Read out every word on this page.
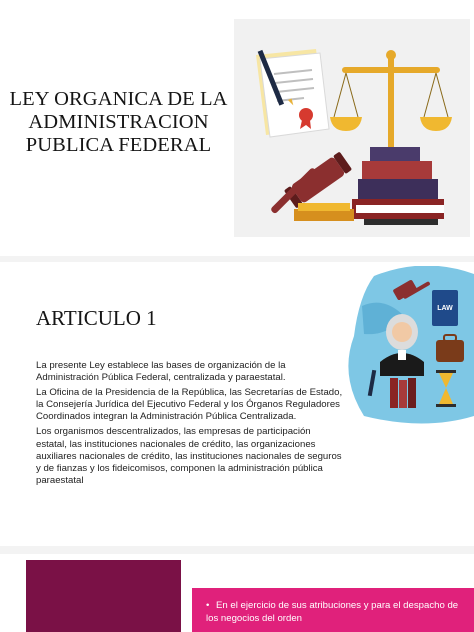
LEY ORGANICA DE LA ADMINISTRACION PUBLICA FEDERAL
ARTICULO 1	LAW

La presente Ley establece las bases de organización de la Administración Pública Federal, centralizada y paraestatal.

La Oficina de la Presidencia de la República, las Secretarías de Estado, la Consejería Jurídica del Ejecutivo Federal y los Órganos Reguladores Coordinados integran la Administración Pública Centralizada.

Los organismos descentralizados, las empresas de participación estatal, las instituciones nacionales de crédito, las organizaciones auxiliares nacionales de crédito, las instituciones nacionales de seguros y de fianzas y los fideicomisos, componen la administración pública paraestatal

• En el ejercicio de sus atribuciones y para el despacho de los negocios del orden
